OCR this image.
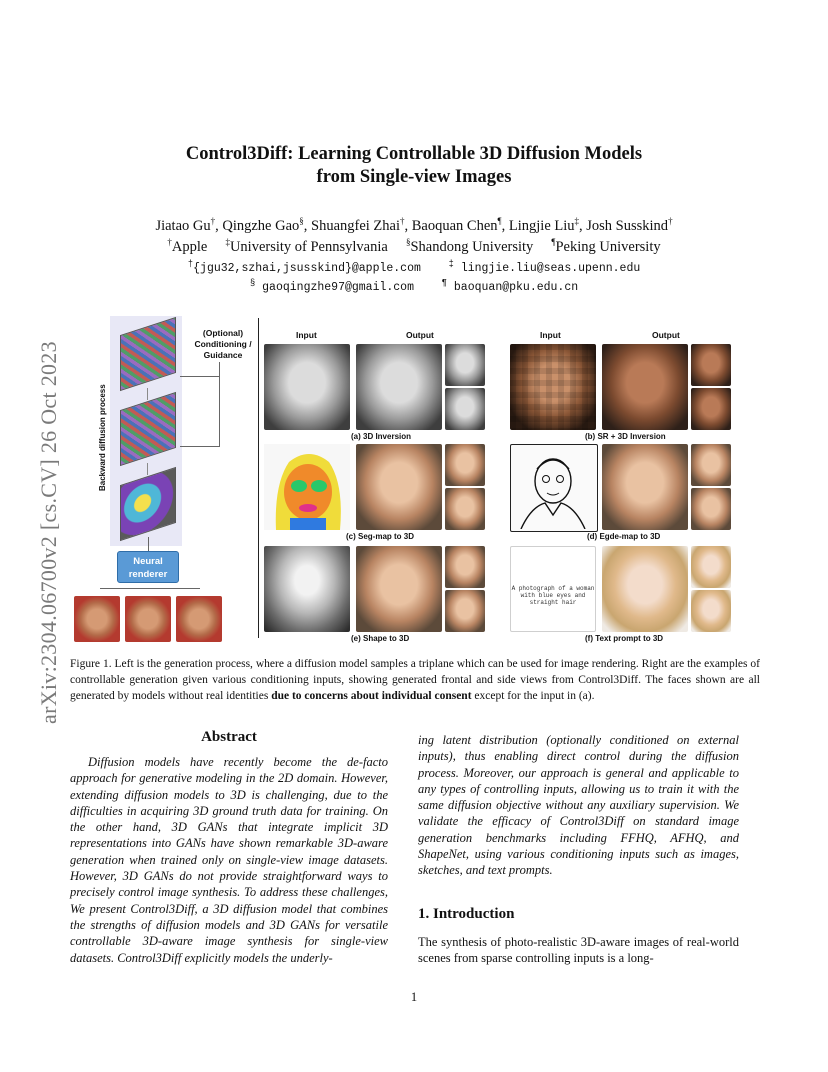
arXiv:2304.06700v2 [cs.CV] 26 Oct 2023
Control3Diff: Learning Controllable 3D Diffusion Models
from Single-view Images
Jiatao Gu†, Qingzhe Gao§, Shuangfei Zhai†, Baoquan Chen¶, Lingjie Liu‡, Josh Susskind†
†Apple ‡University of Pennsylvania §Shandong University ¶Peking University
†{jgu32,szhai,jsusskind}@apple.com	‡ lingjie.liu@seas.upenn.edu
§ gaoqingzhe97@gmail.com	¶ baoquan@pku.edu.cn
Backward diffusion process
(Optional) Conditioning / Guidance
Neural renderer
Input	Output	Input	Output
(a) 3D Inversion	(b) SR + 3D Inversion
(c) Seg-map to 3D	(d) Egde-map to 3D
(e) Shape to 3D
A photograph of a woman with blue eyes and straight hair
(f) Text prompt to 3D
Figure 1. Left is the generation process, where a diffusion model samples a triplane which can be used for image rendering. Right are the examples of controllable generation given various conditioning inputs, showing generated frontal and side views from Control3Diff. The faces shown are all generated by models without real identities due to concerns about individual consent except for the input in (a).
Abstract
Diffusion models have recently become the de-facto approach for generative modeling in the 2D domain. However, extending diffusion models to 3D is challenging, due to the difficulties in acquiring 3D ground truth data for training. On the other hand, 3D GANs that integrate implicit 3D representations into GANs have shown remarkable 3D-aware generation when trained only on single-view image datasets. However, 3D GANs do not provide straightforward ways to precisely control image synthesis. To address these challenges, We present Control3Diff, a 3D diffusion model that combines the strengths of diffusion models and 3D GANs for versatile controllable 3D-aware image synthesis for single-view datasets. Control3Diff explicitly models the underly-
ing latent distribution (optionally conditioned on external inputs), thus enabling direct control during the diffusion process. Moreover, our approach is general and applicable to any types of controlling inputs, allowing us to train it with the same diffusion objective without any auxiliary supervision. We validate the efficacy of Control3Diff on standard image generation benchmarks including FFHQ, AFHQ, and ShapeNet, using various conditioning inputs such as images, sketches, and text prompts.
1. Introduction
The synthesis of photo-realistic 3D-aware images of real-world scenes from sparse controlling inputs is a long-
1
